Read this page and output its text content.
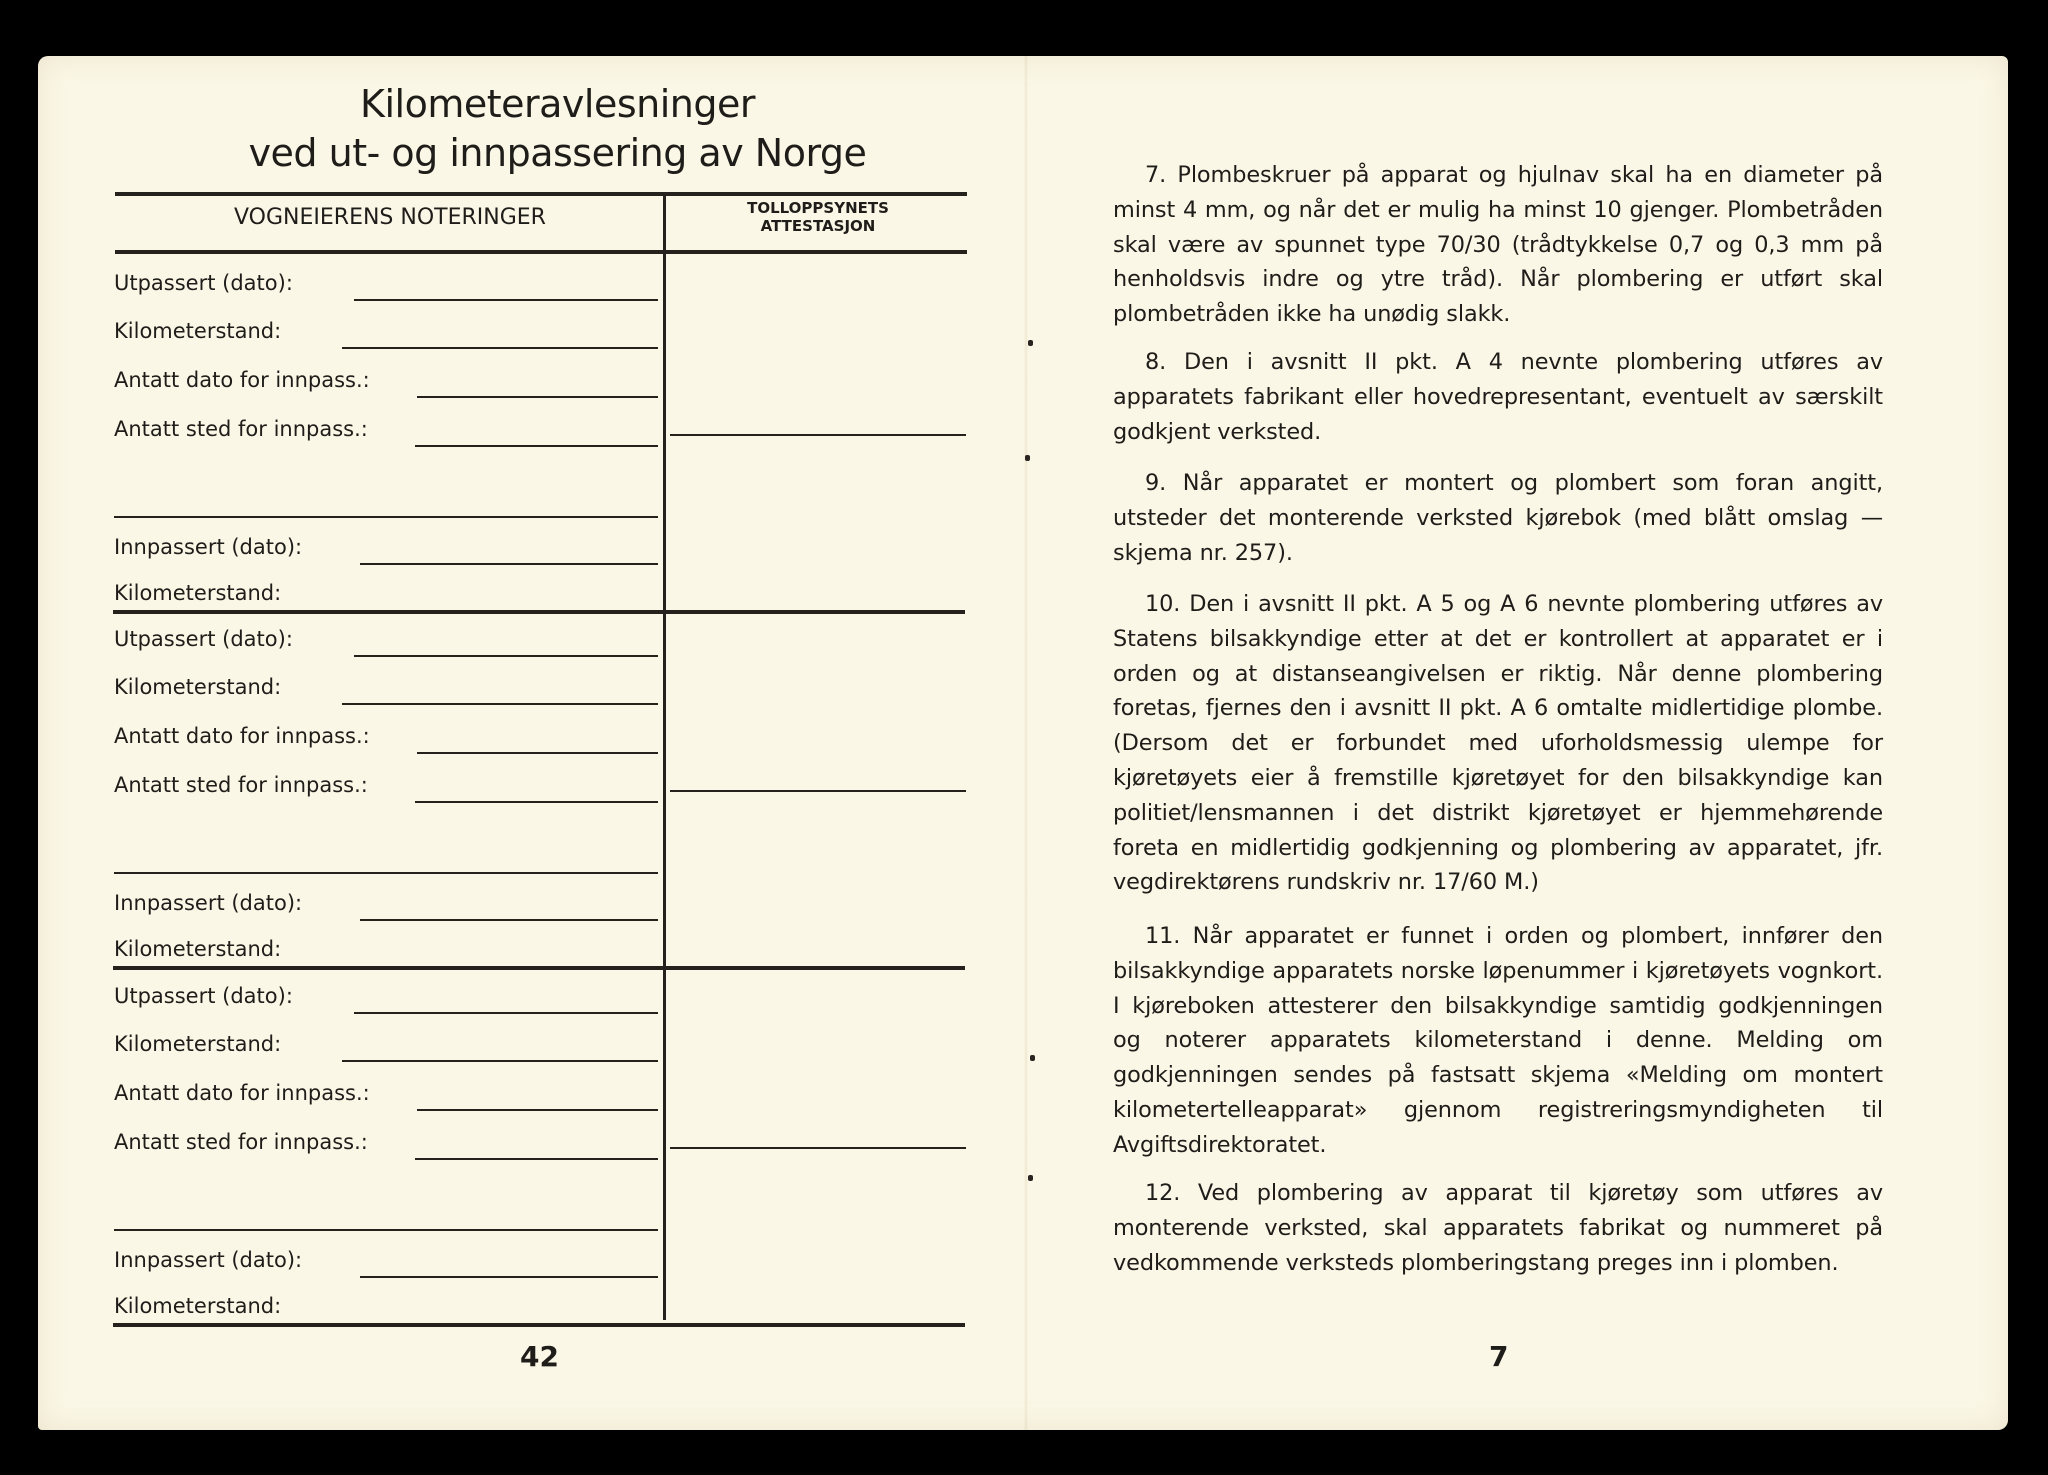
Kilometeravlesninger
ved ut- og innpassering av Norge
VOGNEIERENS NOTERINGER	TOLLOPPSYNETS
ATTESTASJON
Utpassert (dato):
Kilometerstand:
Antatt dato for innpass.:
Antatt sted for innpass.:
Innpassert (dato):
Kilometerstand:
Utpassert (dato):
Kilometerstand:
Antatt dato for innpass.:
Antatt sted for innpass.:
Innpassert (dato):
Kilometerstand:
Utpassert (dato):
Kilometerstand:
Antatt dato for innpass.:
Antatt sted for innpass.:
Innpassert (dato):
Kilometerstand:
42

7. Plombeskruer på apparat og hjulnav skal ha en diameter på minst 4 mm, og når det er mulig ha minst 10 gjenger. Plombetråden skal være av spunnet type 70/30 (trådtykkelse 0,7 og 0,3 mm på henholdsvis indre og ytre tråd). Når plombering er utført skal plombetråden ikke ha unødig slakk.

8. Den i avsnitt II pkt. A 4 nevnte plombering utføres av apparatets fabrikant eller hovedrepresentant, eventuelt av særskilt godkjent verksted.

9. Når apparatet er montert og plombert som foran angitt, utsteder det monterende verksted kjørebok (med blått omslag — skjema nr. 257).

10. Den i avsnitt II pkt. A 5 og A 6 nevnte plombering utføres av Statens bilsakkyndige etter at det er kontrollert at apparatet er i orden og at distanseangivelsen er riktig. Når denne plombering foretas, fjernes den i avsnitt II pkt. A 6 omtalte midlertidige plombe. (Dersom det er forbundet med uforholdsmessig ulempe for kjøretøyets eier å fremstille kjøretøyet for den bilsakkyndige kan politiet/lensmannen i det distrikt kjøretøyet er hjemmehørende foreta en midlertidig godkjenning og plombering av apparatet, jfr. vegdirektørens rundskriv nr. 17/60 M.)

11. Når apparatet er funnet i orden og plombert, innfører den bilsakkyndige apparatets norske løpenummer i kjøretøyets vognkort. I kjøreboken attesterer den bilsakkyndige samtidig godkjenningen og noterer apparatets kilometerstand i denne. Melding om godkjenningen sendes på fastsatt skjema «Melding om montert kilometertelleapparat» gjennom registreringsmyndigheten til Avgiftsdirektoratet.

12. Ved plombering av apparat til kjøretøy som utføres av monterende verksted, skal apparatets fabrikat og nummeret på vedkommende verksteds plomberingstang preges inn i plomben.

7
